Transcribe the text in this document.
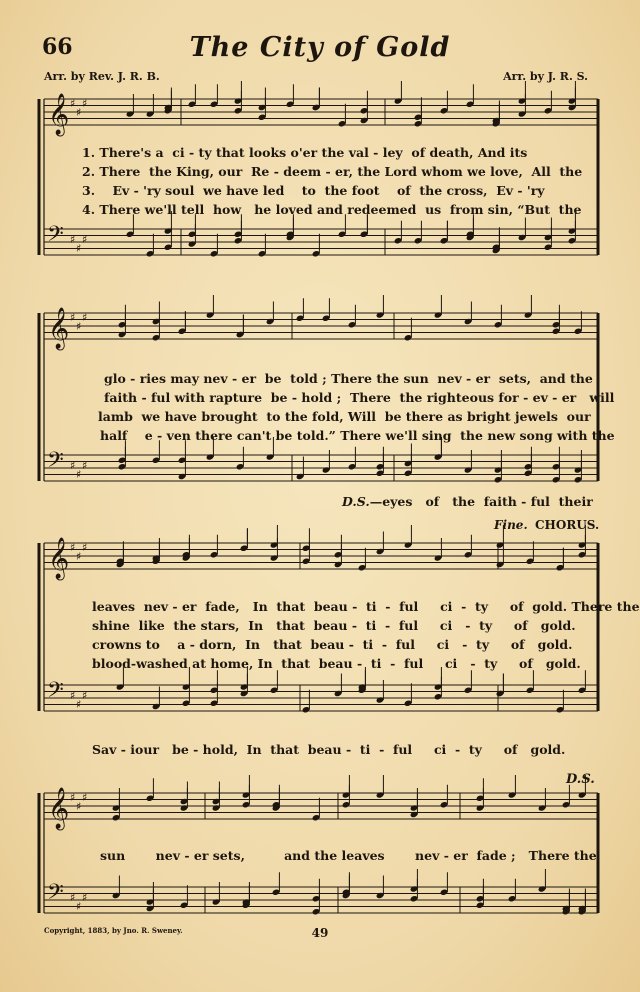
66	The City of Gold
Arr. by Rev. J. R. B.	Arr. by J. R. S.
𝄞 ♯
♯
♯
𝄢 ♯
♯
♯
𝄞 ♯
♯
♯
𝄢 ♯
♯
♯
𝄞 ♯
♯
♯
𝄢 ♯
♯
♯
𝄞 ♯
♯
♯
𝄢 ♯
♯
♯
1. There's a  ci - ty that looks o'er the val - ley  of death, And its
2. There  the King, our  Re - deem - er, the Lord whom we love,  All  the
3.    Ev - 'ry soul  we have led    to  the foot    of  the cross,  Ev - 'ry
4. There we'll tell  how   he loved and redeemed  us  from sin, “But  the
glo - ries may nev - er  be  told ; There the sun  nev - er  sets,  and the
faith - ful with rapture  be - hold ;  There  the righteous for - ev - er   will
lamb  we have brought  to the fold, Will  be there as bright jewels  our
half    e - ven there can't be told.” There we'll sing  the new song with the
D.S.—eyes   of   the  faith - ful  their
Fine. CHORUS.
leaves  nev - er  fade,   In  that  beau -  ti  -  ful     ci  -  ty     of  gold. There the
shine  like  the stars,  In   that  beau -  ti  -  ful     ci   -  ty     of   gold.
crowns to    a - dorn,  In   that  beau -  ti  -  ful     ci   -  ty     of   gold.
blood-washed at home, In  that  beau -  ti  -  ful     ci   -  ty     of   gold.
Sav - iour   be - hold,  In  that  beau -  ti  -  ful     ci  -  ty     of   gold.
D.S.
sun       nev - er sets,         and the leaves       nev - er  fade ;   There the
Copyright, 1883, by Jno. R. Sweney.	49
